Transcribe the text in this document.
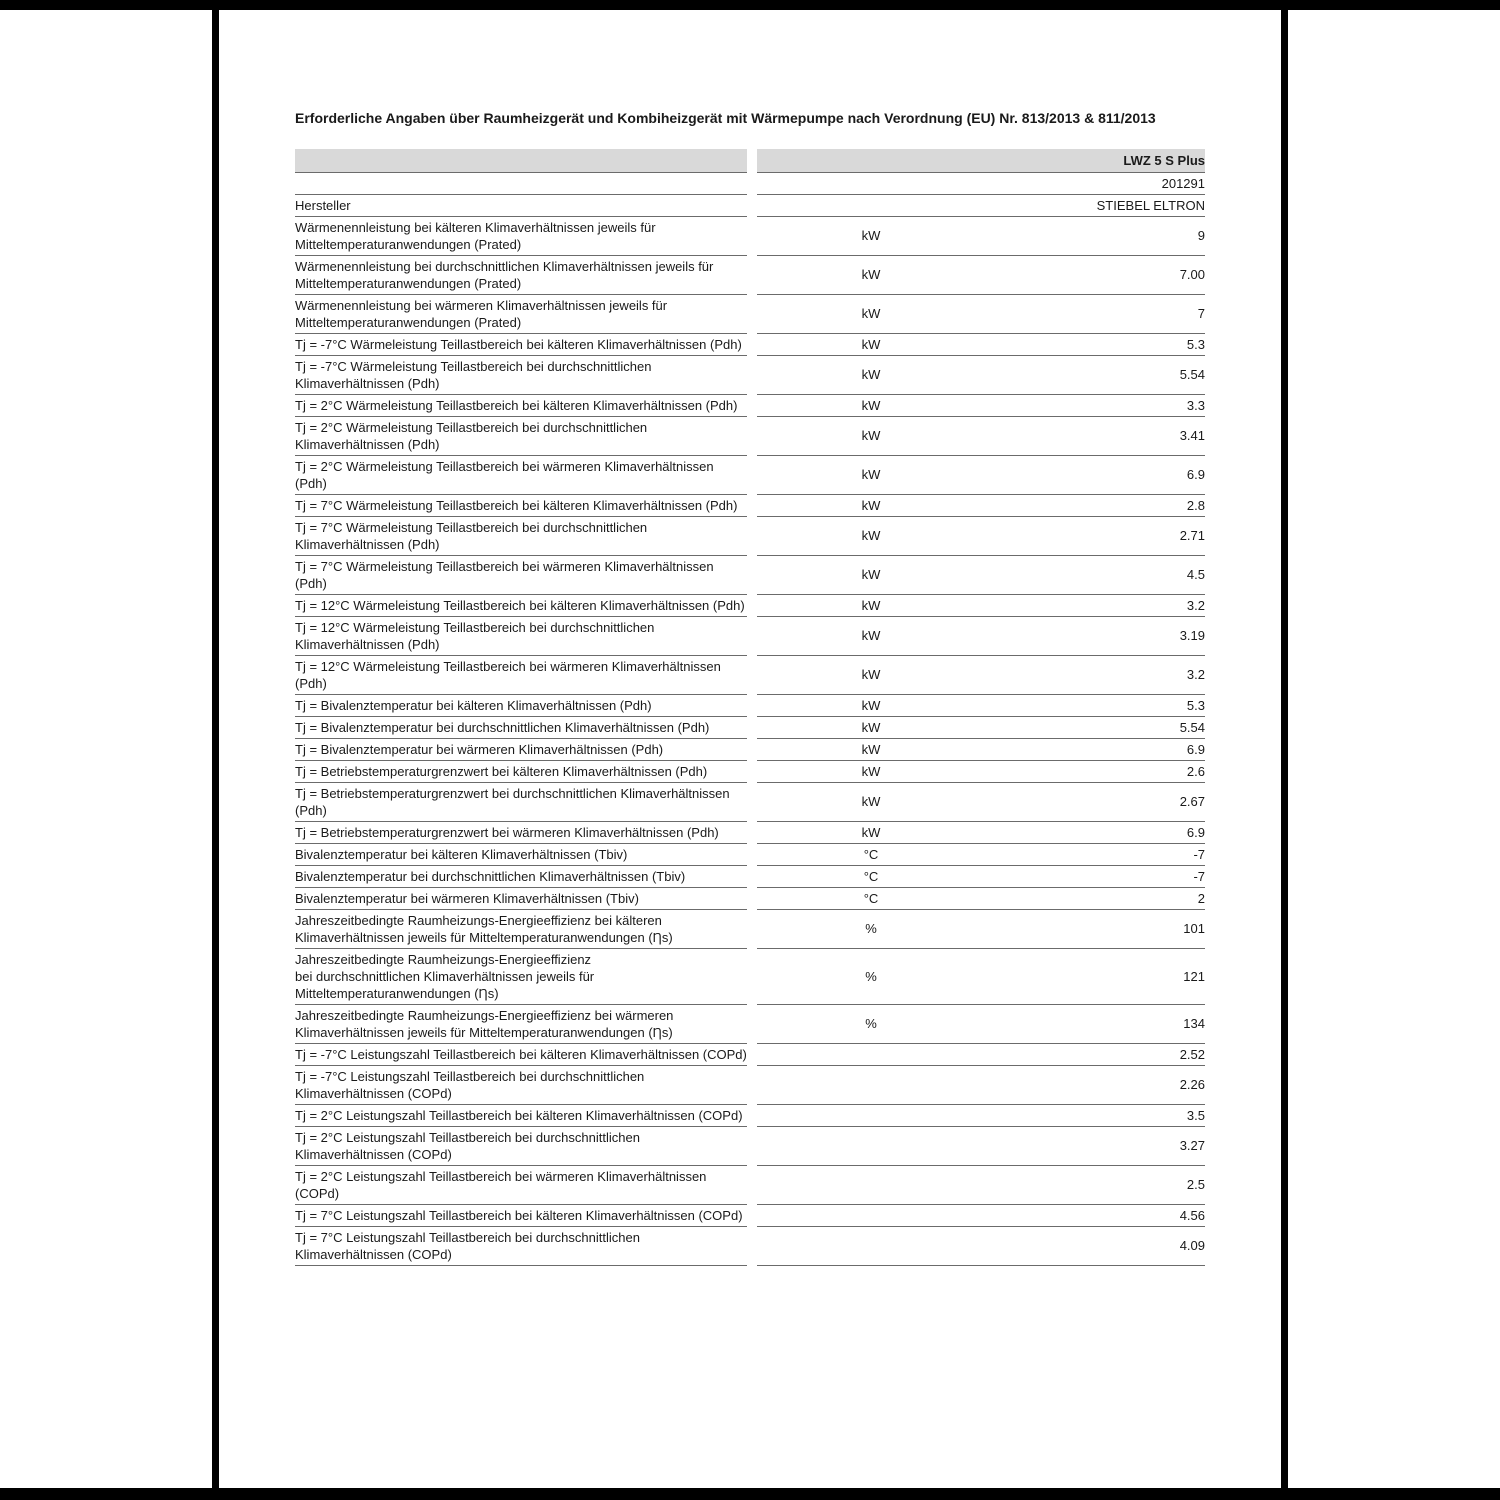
Erforderliche Angaben über Raumheizgerät und Kombiheizgerät mit Wärmepumpe nach Verordnung (EU) Nr. 813/2013 & 811/2013

			LWZ 5 S Plus
			201291
Hersteller			STIEBEL ELTRON
Wärmenennleistung bei kälteren Klimaverhältnissen jeweils für Mitteltemperaturanwendungen (Prated)		kW	9
Wärmenennleistung bei durchschnittlichen Klimaverhältnissen jeweils für Mitteltemperaturanwendungen (Prated)		kW	7.00
Wärmenennleistung bei wärmeren Klimaverhältnissen jeweils für Mitteltemperaturanwendungen (Prated)		kW	7
Tj = -7°C Wärmeleistung Teillastbereich bei kälteren Klimaverhältnissen (Pdh)		kW	5.3
Tj = -7°C Wärmeleistung Teillastbereich bei durchschnittlichen Klimaverhältnissen (Pdh)		kW	5.54
Tj = 2°C Wärmeleistung Teillastbereich bei kälteren Klimaverhältnissen (Pdh)		kW	3.3
Tj = 2°C Wärmeleistung Teillastbereich bei durchschnittlichen Klimaverhältnissen (Pdh)		kW	3.41
Tj = 2°C Wärmeleistung Teillastbereich bei wärmeren Klimaverhältnissen (Pdh)		kW	6.9
Tj = 7°C Wärmeleistung Teillastbereich bei kälteren Klimaverhältnissen (Pdh)		kW	2.8
Tj = 7°C Wärmeleistung Teillastbereich bei durchschnittlichen Klimaverhältnissen (Pdh)		kW	2.71
Tj = 7°C Wärmeleistung Teillastbereich bei wärmeren Klimaverhältnissen (Pdh)		kW	4.5
Tj = 12°C Wärmeleistung Teillastbereich bei kälteren Klimaverhältnissen (Pdh)		kW	3.2
Tj = 12°C Wärmeleistung Teillastbereich bei durchschnittlichen Klimaverhältnissen (Pdh)		kW	3.19
Tj = 12°C Wärmeleistung Teillastbereich bei wärmeren Klimaverhältnissen (Pdh)		kW	3.2
Tj = Bivalenztemperatur bei kälteren Klimaverhältnissen (Pdh)		kW	5.3
Tj = Bivalenztemperatur bei durchschnittlichen Klimaverhältnissen (Pdh)		kW	5.54
Tj = Bivalenztemperatur bei wärmeren Klimaverhältnissen (Pdh)		kW	6.9
Tj = Betriebstemperaturgrenzwert bei kälteren Klimaverhältnissen (Pdh)		kW	2.6
Tj = Betriebstemperaturgrenzwert bei durchschnittlichen Klimaverhältnissen (Pdh)		kW	2.67
Tj = Betriebstemperaturgrenzwert bei wärmeren Klimaverhältnissen (Pdh)		kW	6.9
Bivalenztemperatur bei kälteren Klimaverhältnissen (Tbiv)		°C	-7
Bivalenztemperatur bei durchschnittlichen Klimaverhältnissen (Tbiv)		°C	-7
Bivalenztemperatur bei wärmeren Klimaverhältnissen (Tbiv)		°C	2
Jahreszeitbedingte Raumheizungs-Energieeffizienz bei kälteren Klimaverhältnissen jeweils für Mitteltemperaturanwendungen (Ƞs)		%	101
Jahreszeitbedingte Raumheizungs-Energieeffizienz
bei durchschnittlichen Klimaverhältnissen jeweils für
Mitteltemperaturanwendungen (Ƞs)		%	121
Jahreszeitbedingte Raumheizungs-Energieeffizienz bei wärmeren Klimaverhältnissen jeweils für Mitteltemperaturanwendungen (Ƞs)		%	134
Tj = -7°C Leistungszahl Teillastbereich bei kälteren Klimaverhältnissen (COPd)			2.52
Tj = -7°C Leistungszahl Teillastbereich bei durchschnittlichen Klimaverhältnissen (COPd)			2.26
Tj = 2°C Leistungszahl Teillastbereich bei kälteren Klimaverhältnissen (COPd)			3.5
Tj = 2°C Leistungszahl Teillastbereich bei durchschnittlichen Klimaverhältnissen (COPd)			3.27
Tj = 2°C Leistungszahl Teillastbereich bei wärmeren Klimaverhältnissen (COPd)			2.5
Tj = 7°C Leistungszahl Teillastbereich bei kälteren Klimaverhältnissen (COPd)			4.56
Tj = 7°C Leistungszahl Teillastbereich bei durchschnittlichen Klimaverhältnissen (COPd)			4.09
